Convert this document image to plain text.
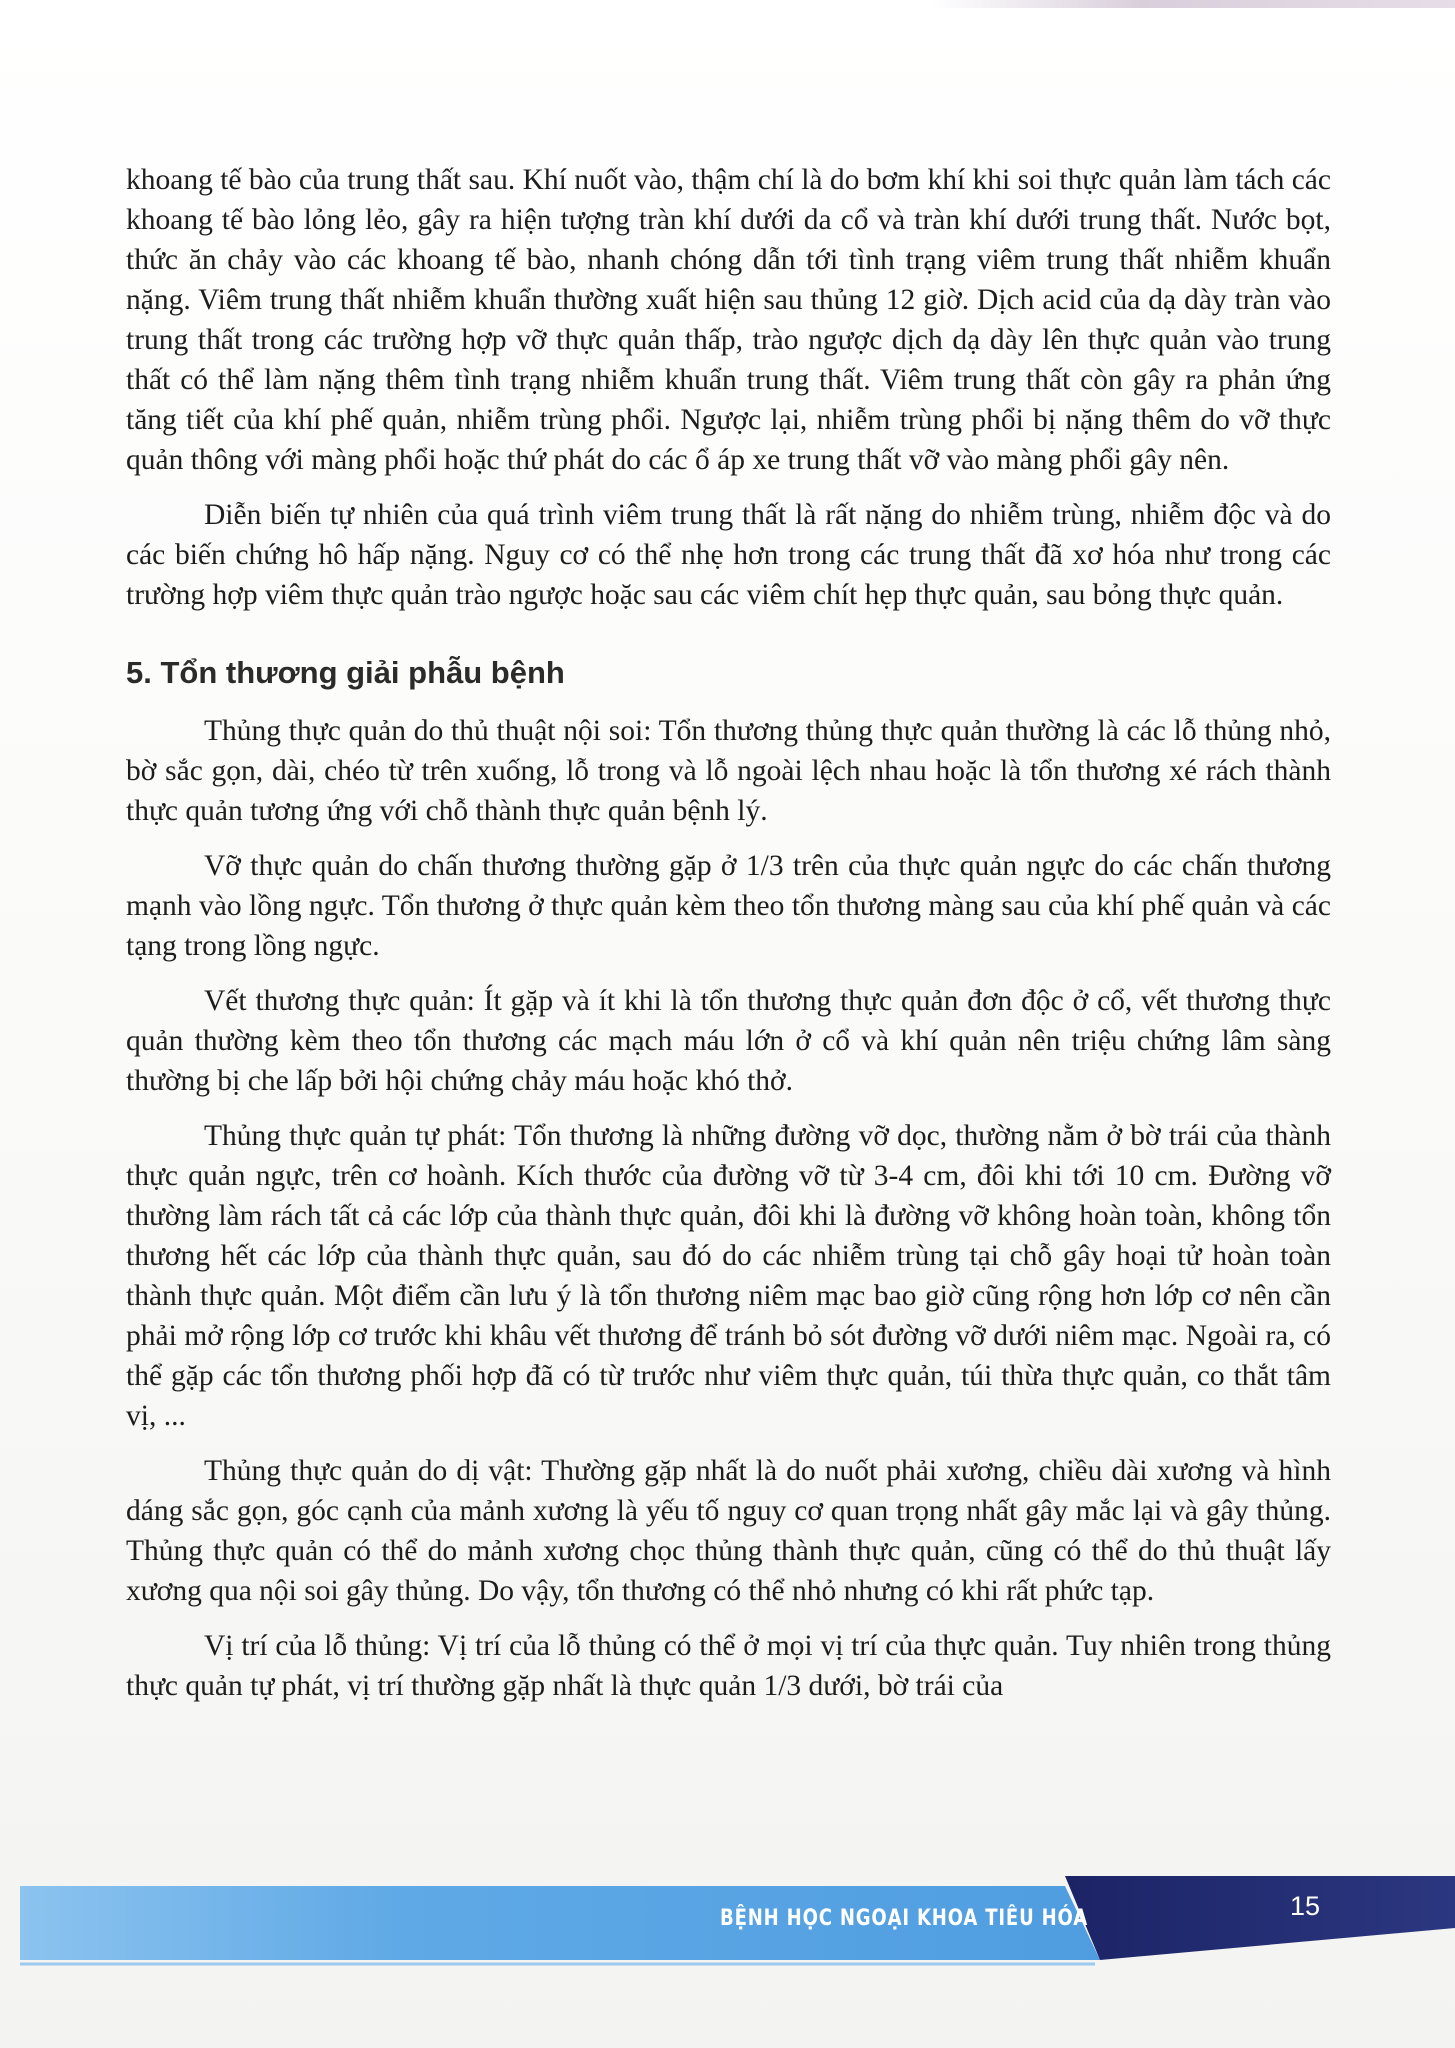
khoang tế bào của trung thất sau. Khí nuốt vào, thậm chí là do bơm khí khi soi thực quản làm tách các khoang tế bào lỏng lẻo, gây ra hiện tượng tràn khí dưới da cổ và tràn khí dưới trung thất. Nước bọt, thức ăn chảy vào các khoang tế bào, nhanh chóng dẫn tới tình trạng viêm trung thất nhiễm khuẩn nặng. Viêm trung thất nhiễm khuẩn thường xuất hiện sau thủng 12 giờ. Dịch acid của dạ dày tràn vào trung thất trong các trường hợp vỡ thực quản thấp, trào ngược dịch dạ dày lên thực quản vào trung thất có thể làm nặng thêm tình trạng nhiễm khuẩn trung thất. Viêm trung thất còn gây ra phản ứng tăng tiết của khí phế quản, nhiễm trùng phổi. Ngược lại, nhiễm trùng phổi bị nặng thêm do vỡ thực quản thông với màng phổi hoặc thứ phát do các ổ áp xe trung thất vỡ vào màng phổi gây nên.

Diễn biến tự nhiên của quá trình viêm trung thất là rất nặng do nhiễm trùng, nhiễm độc và do các biến chứng hô hấp nặng. Nguy cơ có thể nhẹ hơn trong các trung thất đã xơ hóa như trong các trường hợp viêm thực quản trào ngược hoặc sau các viêm chít hẹp thực quản, sau bỏng thực quản.

5. Tổn thương giải phẫu bệnh

Thủng thực quản do thủ thuật nội soi: Tổn thương thủng thực quản thường là các lỗ thủng nhỏ, bờ sắc gọn, dài, chéo từ trên xuống, lỗ trong và lỗ ngoài lệch nhau hoặc là tổn thương xé rách thành thực quản tương ứng với chỗ thành thực quản bệnh lý.

Vỡ thực quản do chấn thương thường gặp ở 1/3 trên của thực quản ngực do các chấn thương mạnh vào lồng ngực. Tổn thương ở thực quản kèm theo tổn thương màng sau của khí phế quản và các tạng trong lồng ngực.

Vết thương thực quản: Ít gặp và ít khi là tổn thương thực quản đơn độc ở cổ, vết thương thực quản thường kèm theo tổn thương các mạch máu lớn ở cổ và khí quản nên triệu chứng lâm sàng thường bị che lấp bởi hội chứng chảy máu hoặc khó thở.

Thủng thực quản tự phát: Tổn thương là những đường vỡ dọc, thường nằm ở bờ trái của thành thực quản ngực, trên cơ hoành. Kích thước của đường vỡ từ 3-4 cm, đôi khi tới 10 cm. Đường vỡ thường làm rách tất cả các lớp của thành thực quản, đôi khi là đường vỡ không hoàn toàn, không tổn thương hết các lớp của thành thực quản, sau đó do các nhiễm trùng tại chỗ gây hoại tử hoàn toàn thành thực quản. Một điểm cần lưu ý là tổn thương niêm mạc bao giờ cũng rộng hơn lớp cơ nên cần phải mở rộng lớp cơ trước khi khâu vết thương để tránh bỏ sót đường vỡ dưới niêm mạc. Ngoài ra, có thể gặp các tổn thương phối hợp đã có từ trước như viêm thực quản, túi thừa thực quản, co thắt tâm vị, ...

Thủng thực quản do dị vật: Thường gặp nhất là do nuốt phải xương, chiều dài xương và hình dáng sắc gọn, góc cạnh của mảnh xương là yếu tố nguy cơ quan trọng nhất gây mắc lại và gây thủng. Thủng thực quản có thể do mảnh xương chọc thủng thành thực quản, cũng có thể do thủ thuật lấy xương qua nội soi gây thủng. Do vậy, tổn thương có thể nhỏ nhưng có khi rất phức tạp.

Vị trí của lỗ thủng: Vị trí của lỗ thủng có thể ở mọi vị trí của thực quản. Tuy nhiên trong thủng thực quản tự phát, vị trí thường gặp nhất là thực quản 1/3 dưới, bờ trái của

BỆNH HỌC NGOẠI KHOA TIÊU HÓA	15
